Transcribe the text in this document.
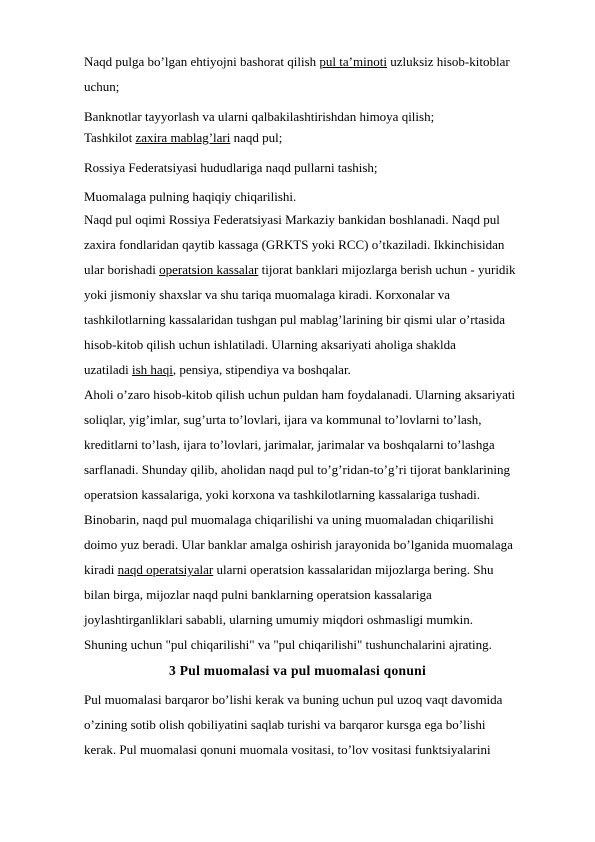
Naqd pulga bo’lgan ehtiyojni bashorat qilish pul ta’minoti uzluksiz hisob-kitoblar
uchun;
Banknotlar tayyorlash va ularni qalbakilashtirishdan himoya qilish;
Tashkilot zaxira mablag’lari naqd pul;
Rossiya Federatsiyasi hududlariga naqd pullarni tashish;
Muomalaga pulning haqiqiy chiqarilishi.
Naqd pul oqimi Rossiya Federatsiyasi Markaziy bankidan boshlanadi. Naqd pul
zaxira fondlaridan qaytib kassaga (GRKTS yoki RCC) o’tkaziladi. Ikkinchisidan
ular borishadi operatsion kassalar tijorat banklari mijozlarga berish uchun - yuridik
yoki jismoniy shaxslar va shu tariqa muomalaga kiradi. Korxonalar va
tashkilotlarning kassalaridan tushgan pul mablag’larining bir qismi ular o’rtasida
hisob-kitob qilish uchun ishlatiladi. Ularning aksariyati aholiga shaklda
uzatiladi ish haqi, pensiya, stipendiya va boshqalar.
Aholi o’zaro hisob-kitob qilish uchun puldan ham foydalanadi. Ularning aksariyati
soliqlar, yig’imlar, sug’urta to’lovlari, ijara va kommunal to’lovlarni to’lash,
kreditlarni to’lash, ijara to’lovlari, jarimalar, jarimalar va boshqalarni to’lashga
sarflanadi. Shunday qilib, aholidan naqd pul to’g’ridan-to’g’ri tijorat banklarining
operatsion kassalariga, yoki korxona va tashkilotlarning kassalariga tushadi.
Binobarin, naqd pul muomalaga chiqarilishi va uning muomaladan chiqarilishi
doimo yuz beradi. Ular banklar amalga oshirish jarayonida bo’lganida muomalaga
kiradi naqd operatsiyalar ularni operatsion kassalaridan mijozlarga bering. Shu
bilan birga, mijozlar naqd pulni banklarning operatsion kassalariga
joylashtirganliklari sababli, ularning umumiy miqdori oshmasligi mumkin.
Shuning uchun "pul chiqarilishi" va "pul chiqarilishi" tushunchalarini ajrating.
3 Pul muomalasi va pul muomalasi qonuni
Pul muomalasi barqaror bo’lishi kerak va buning uchun pul uzoq vaqt davomida
o’zining sotib olish qobiliyatini saqlab turishi va barqaror kursga ega bo’lishi
kerak. Pul muomalasi qonuni muomala vositasi, to’lov vositasi funktsiyalarini
